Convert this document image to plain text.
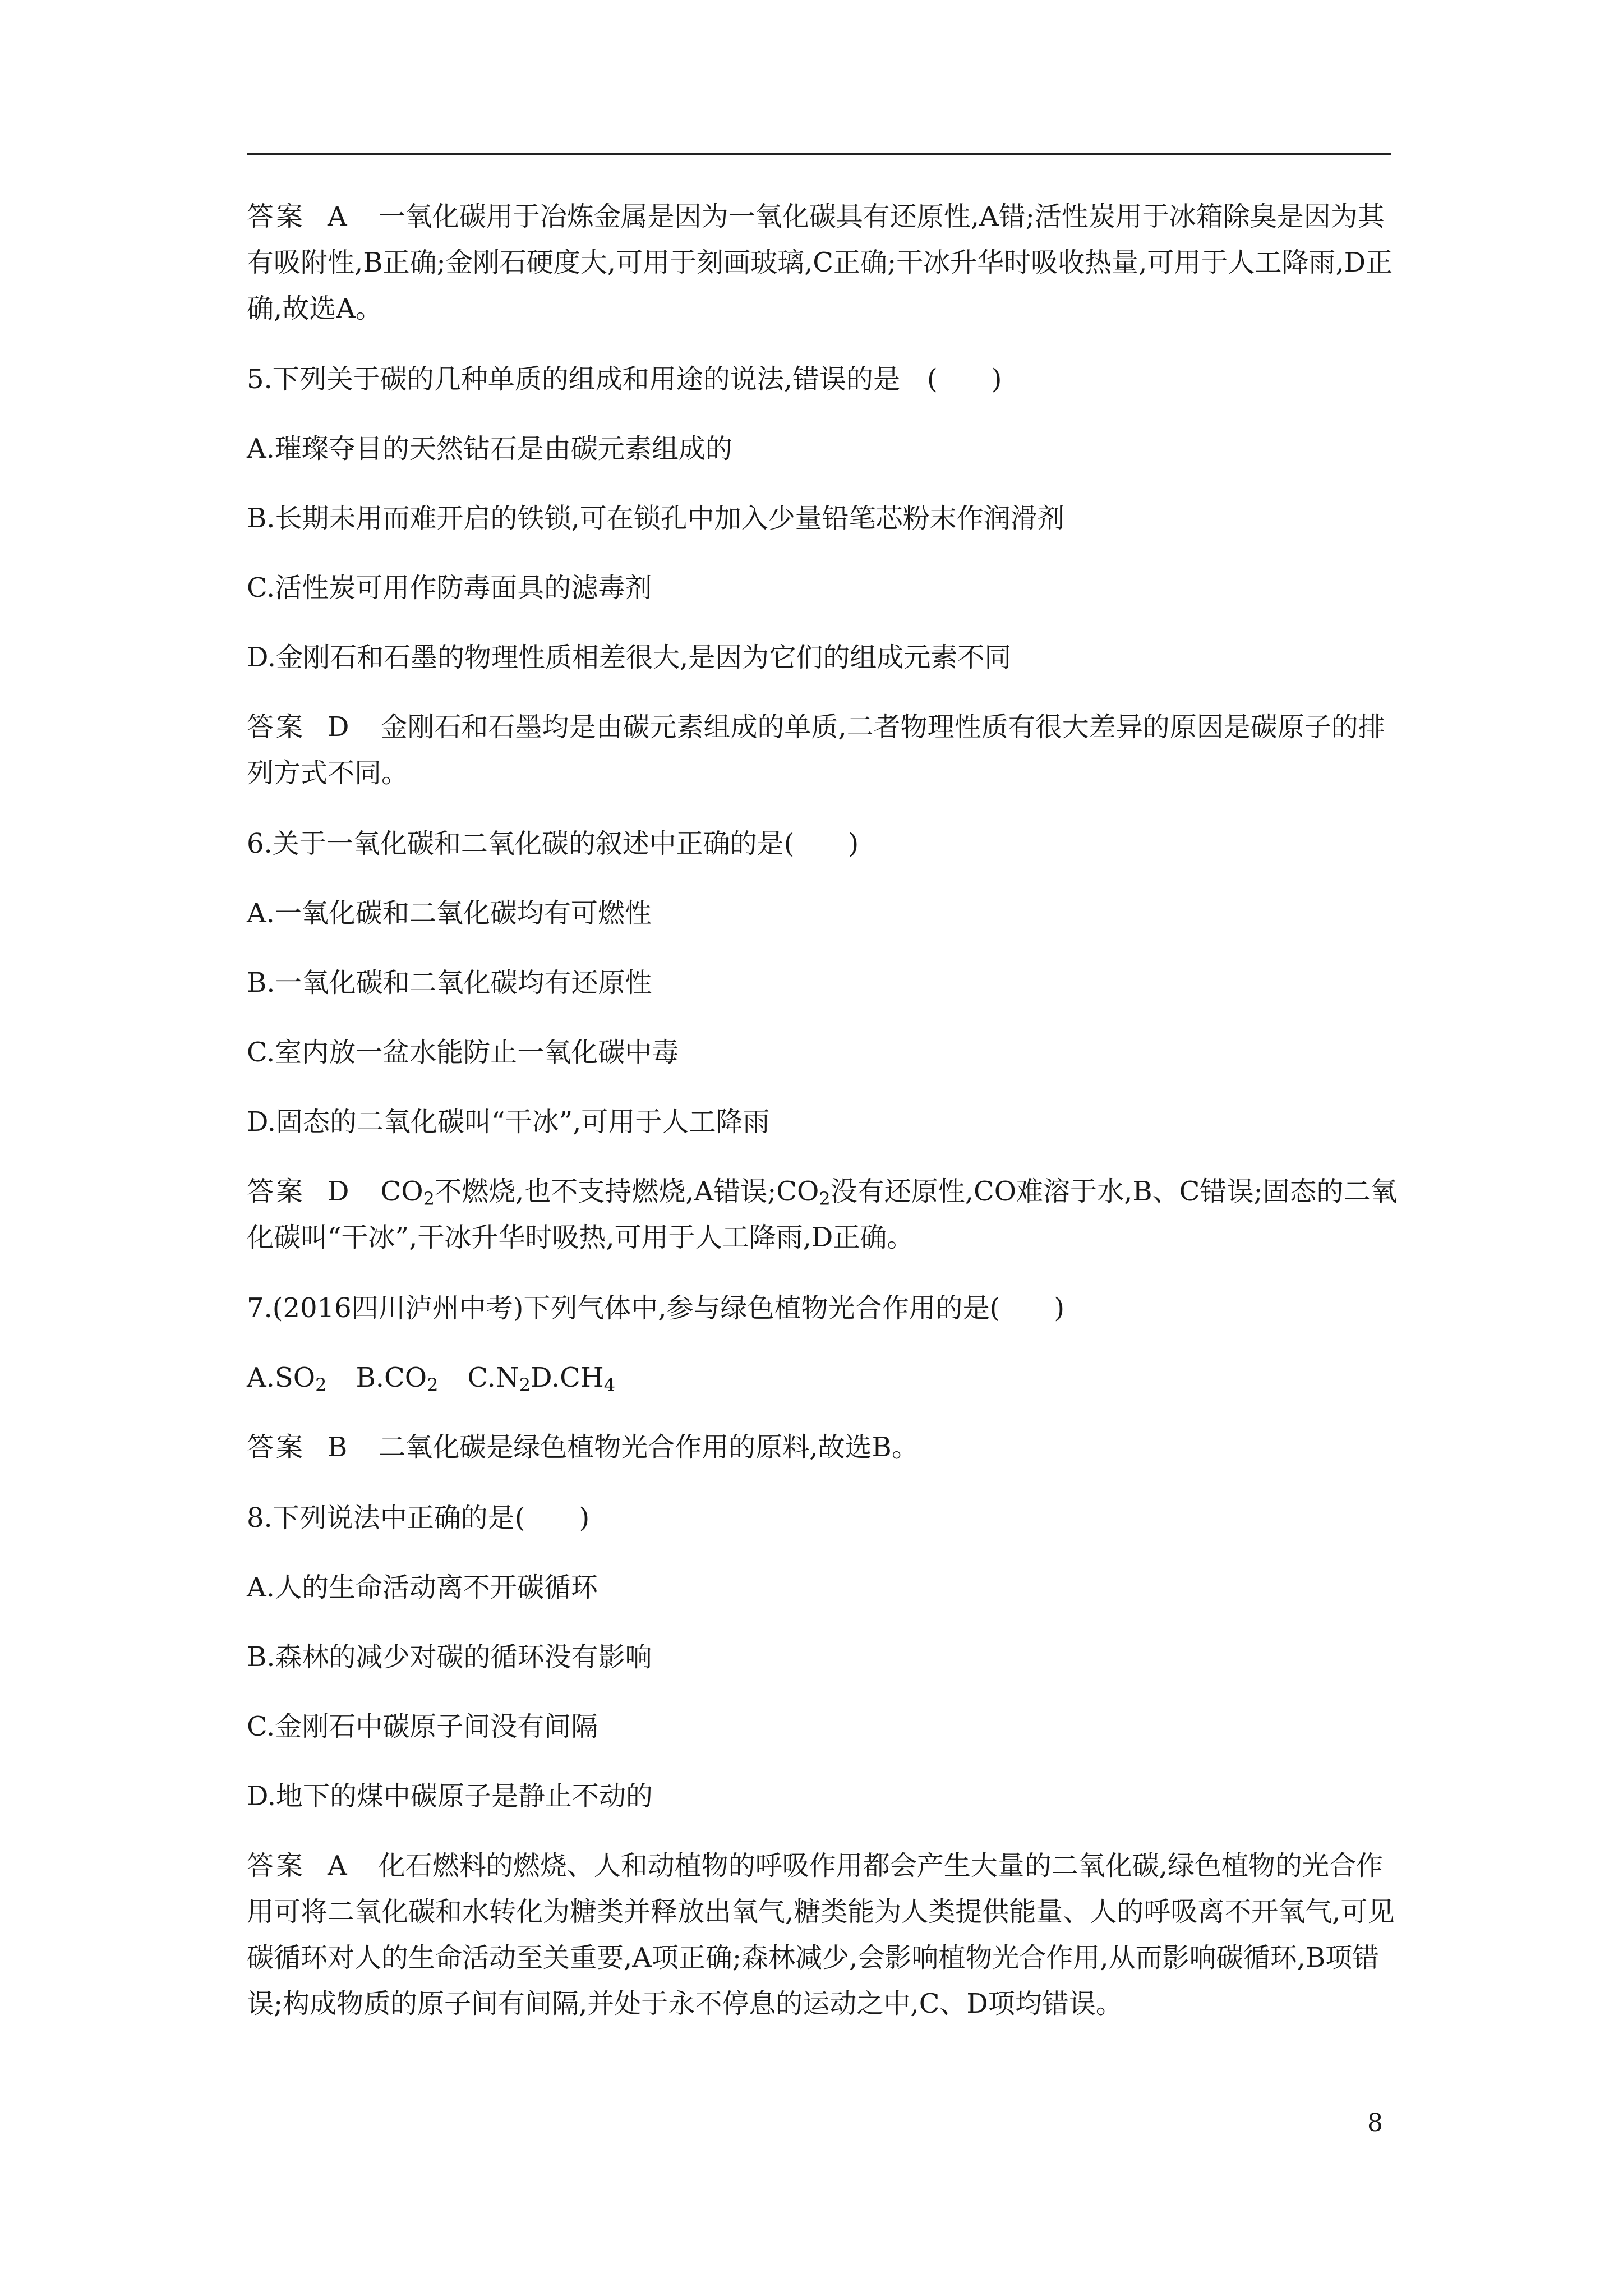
答案 A 一氧化碳用于冶炼金属是因为一氧化碳具有还原性,A错;活性炭用于冰箱除臭是因为其有吸附性,B正确;金刚石硬度大,可用于刻画玻璃,C正确;干冰升华时吸收热量,可用于人工降雨,D正确,故选A。

5.下列关于碳的几种单质的组成和用途的说法,错误的是　(　　)

A.璀璨夺目的天然钻石是由碳元素组成的

B.长期未用而难开启的铁锁,可在锁孔中加入少量铅笔芯粉末作润滑剂

C.活性炭可用作防毒面具的滤毒剂

D.金刚石和石墨的物理性质相差很大,是因为它们的组成元素不同

答案 D 金刚石和石墨均是由碳元素组成的单质,二者物理性质有很大差异的原因是碳原子的排列方式不同。

6.关于一氧化碳和二氧化碳的叙述中正确的是(　　)

A.一氧化碳和二氧化碳均有可燃性

B.一氧化碳和二氧化碳均有还原性

C.室内放一盆水能防止一氧化碳中毒

D.固态的二氧化碳叫“干冰”,可用于人工降雨

答案 D $CO_2$不燃烧,也不支持燃烧,A错误$;CO_2$没有还原性,CO难溶于水,B、C错误;固态的二氧化碳叫“干冰”,干冰升华时吸热,可用于人工降雨,D正确。

7.(2016四川泸州中考)下列气体中,参与绿色植物光合作用的是(　　)

$A.SO_2$ $B.CO_2$ $C.N_2D.CH_4$

答案 B 二氧化碳是绿色植物光合作用的原料,故选B。

8.下列说法中正确的是(　　)

A.人的生命活动离不开碳循环

B.森林的减少对碳的循环没有影响

C.金刚石中碳原子间没有间隔

D.地下的煤中碳原子是静止不动的

答案 A 化石燃料的燃烧、人和动植物的呼吸作用都会产生大量的二氧化碳,绿色植物的光合作用可将二氧化碳和水转化为糖类并释放出氧气,糖类能为人类提供能量、人的呼吸离不开氧气,可见碳循环对人的生命活动至关重要,A项正确;森林减少,会影响植物光合作用,从而影响碳循环,B项错误;构成物质的原子间有间隔,并处于永不停息的运动之中,C、D项均错误。

8
